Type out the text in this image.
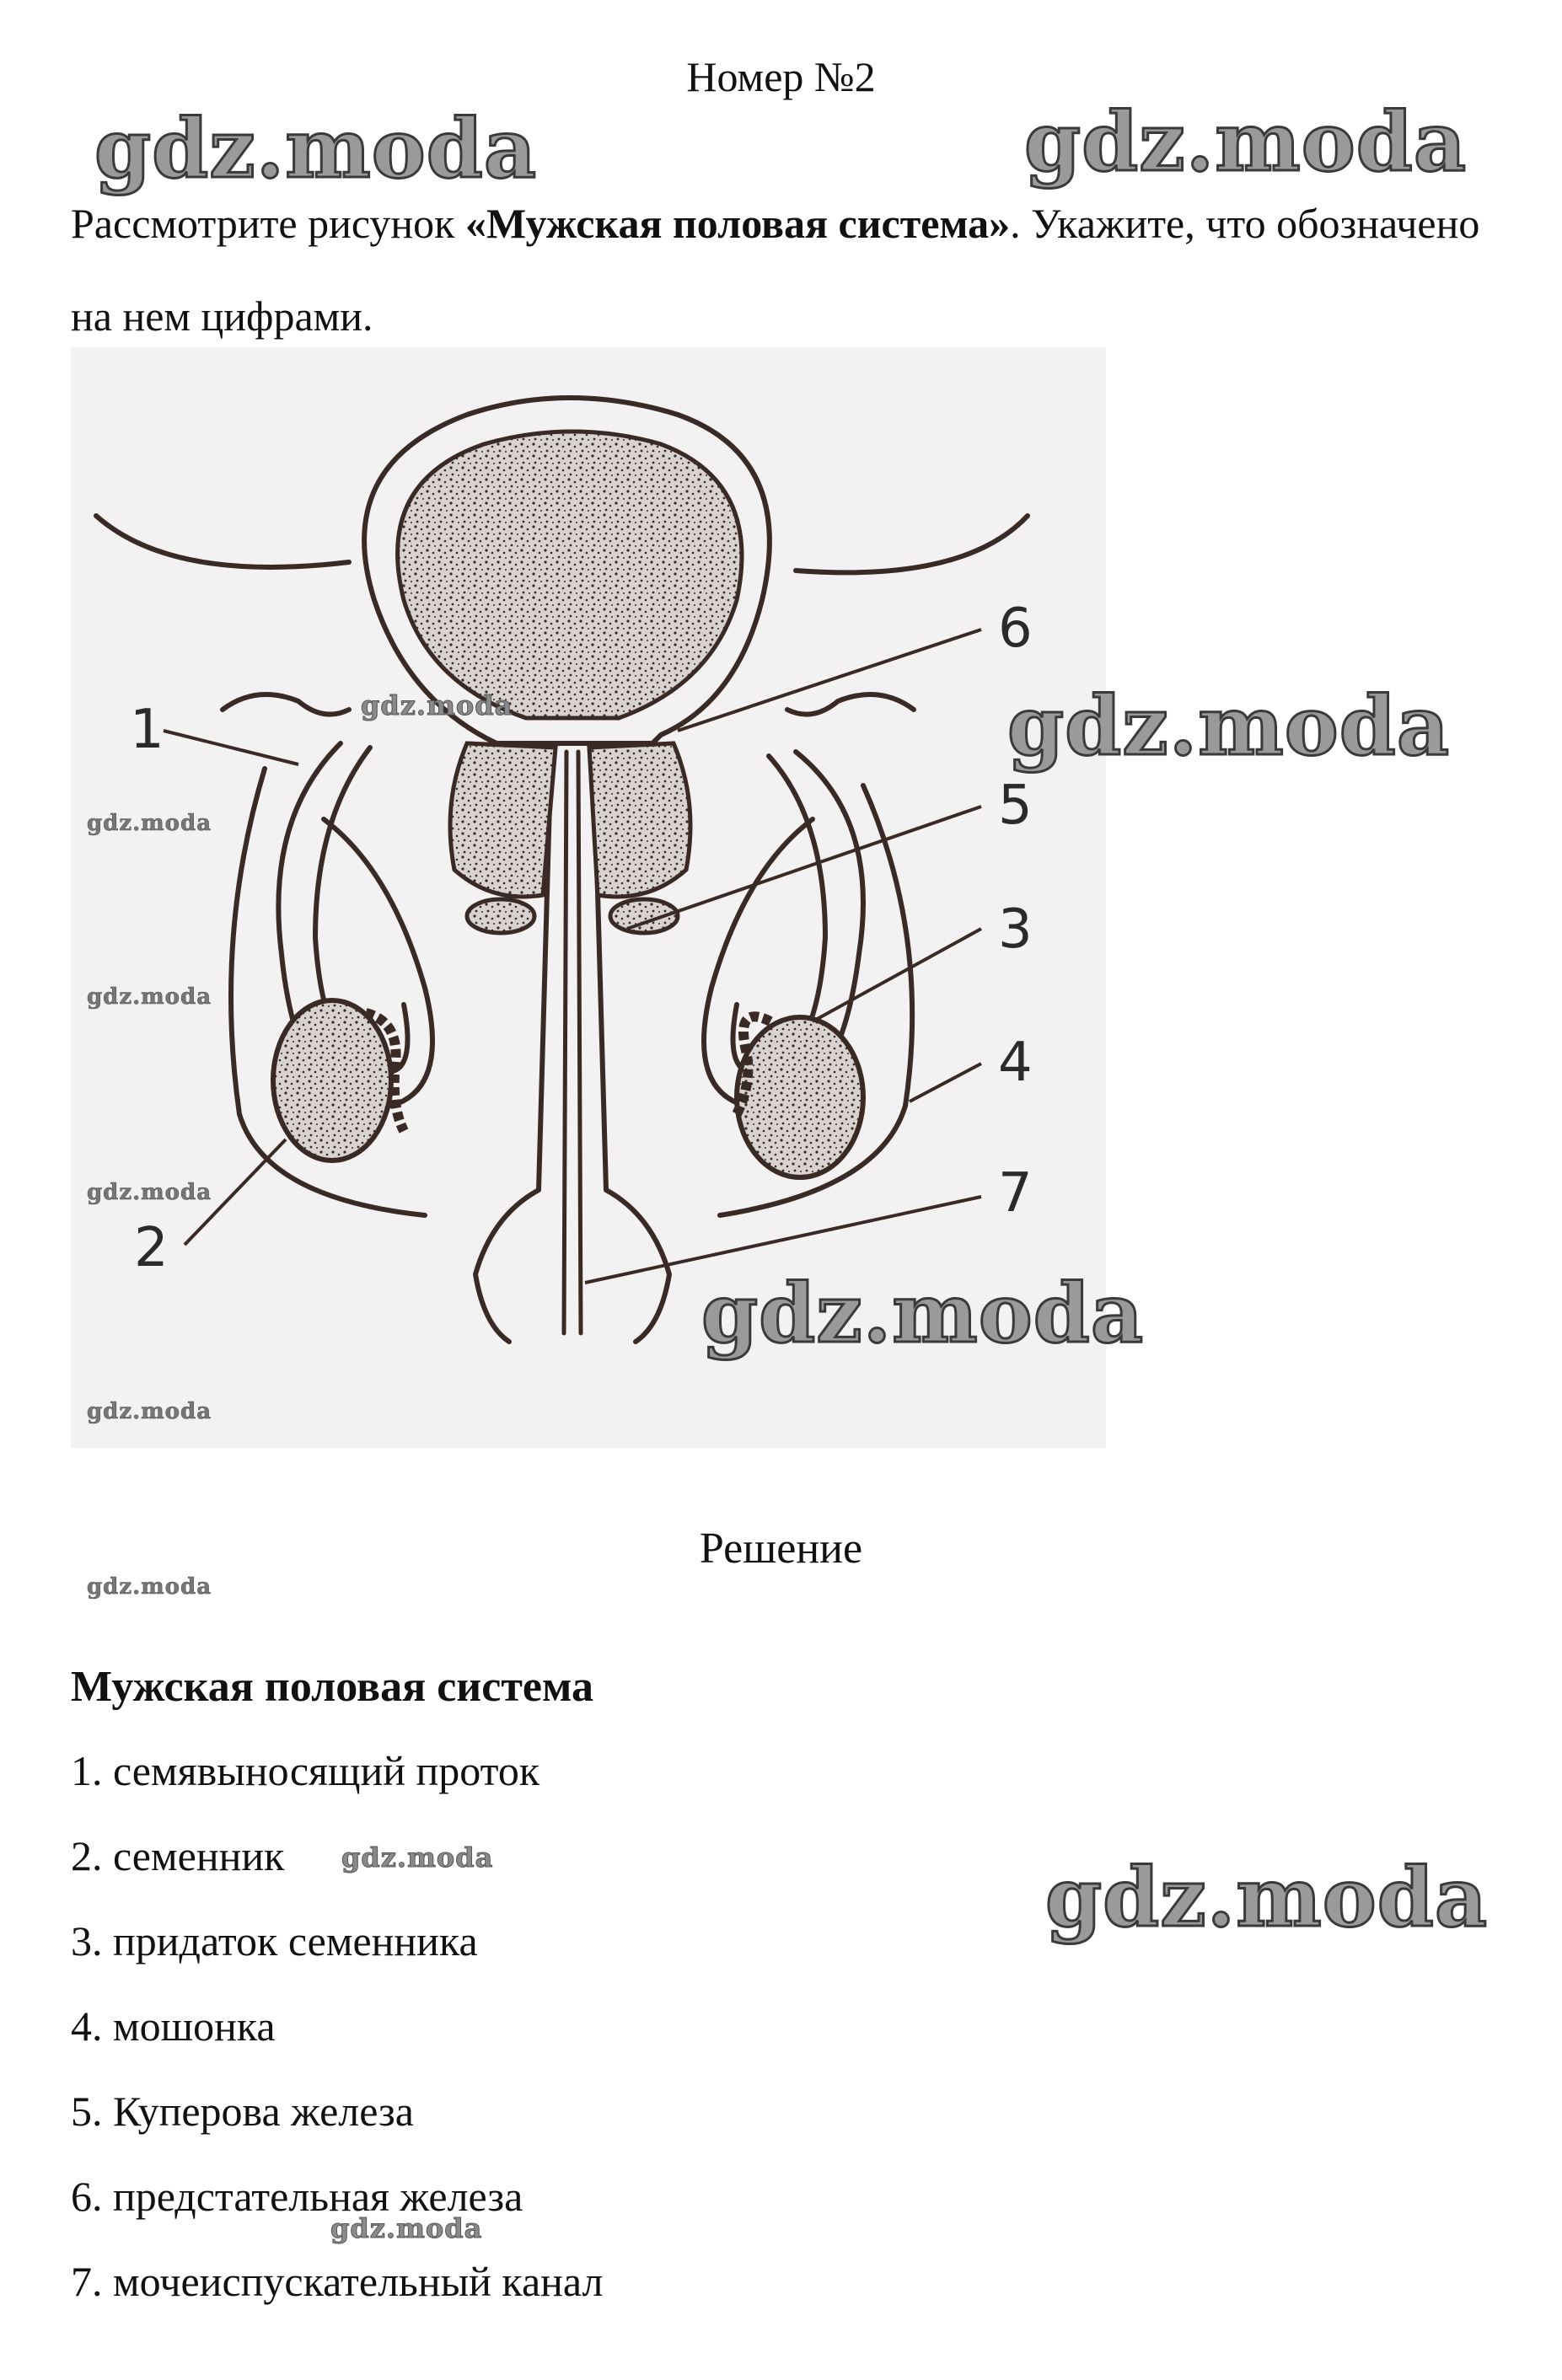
Номер №2
Рассмотрите рисунок «Мужская половая система». Укажите, что обозначено на нем цифрами.
1
2
3
4
5
6
7
Решение
Мужская половая система
1. семявыносящий проток
2. семенник
3. придаток семенника
4. мошонка
5. Куперова железа
6. предстательная железа
7. мочеиспускательный канал
gdz.moda	gdz.moda
gdz.moda
gdz.moda
gdz.moda
gdz.moda
gdz.moda
gdz.moda
gdz.moda
gdz.moda
gdz.moda
gdz.moda
gdz.moda
